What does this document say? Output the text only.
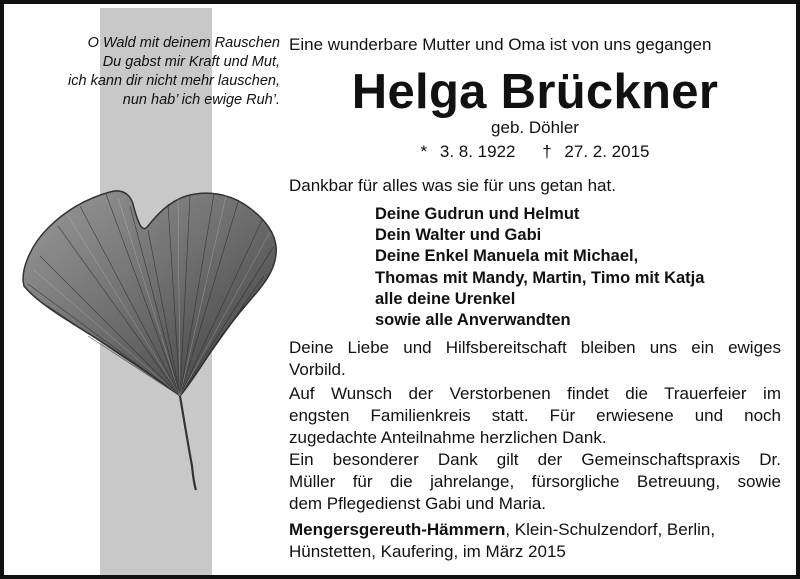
O Wald mit deinem Rauschen
Du gabst mir Kraft und Mut,
ich kann dir nicht mehr lauschen,
nun hab’ ich ewige Ruh’.
Eine wunderbare Mutter und Oma ist von uns gegangen
Helga Brückner
geb. Döhler
* 3. 8. 1922 † 27. 2. 2015
Dankbar für alles was sie für uns getan hat.
Deine Gudrun und Helmut
Dein Walter und Gabi
Deine Enkel Manuela mit Michael,
Thomas mit Mandy, Martin, Timo mit Katja
alle deine Urenkel
sowie alle Anverwandten
Deine Liebe und Hilfsbereitschaft bleiben uns ein ewiges
Vorbild.
Auf Wunsch der Verstorbenen findet die Trauerfeier im
engsten Familienkreis statt. Für erwiesene und noch
zugedachte Anteilnahme herzlichen Dank.
Ein besonderer Dank gilt der Gemeinschaftspraxis Dr.
Müller für die jahrelange, fürsorgliche Betreuung, sowie
dem Pflegedienst Gabi und Maria.
Mengersgereuth-Hämmern, Klein-Schulzendorf, Berlin,
Hünstetten, Kaufering, im März 2015
